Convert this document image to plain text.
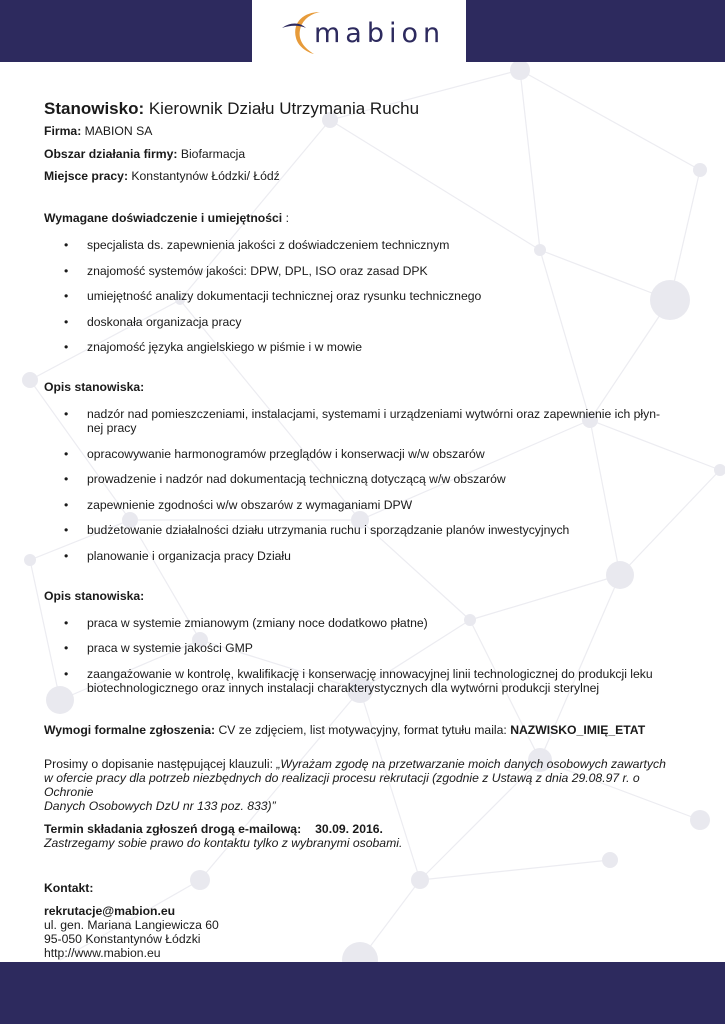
mabion
Stanowisko: Kierownik Działu Utrzymania Ruchu
Firma: MABION SA
Obszar działania firmy: Biofarmacja
Miejsce pracy: Konstantynów Łódzki/ Łódź
Wymagane doświadczenie i umiejętności :
• specjalista ds. zapewnienia jakości z doświadczeniem technicznym
• znajomość systemów jakości: DPW, DPL, ISO oraz zasad DPK
• umiejętność analizy dokumentacji technicznej oraz rysunku technicznego
• doskonała organizacja pracy
• znajomość języka angielskiego w piśmie i w mowie
Opis stanowiska:
• nadzór nad pomieszczeniami, instalacjami, systemami i urządzeniami wytwórni oraz zapewnienie ich płyn-
nej pracy
• opracowywanie harmonogramów przeglądów i konserwacji w/w obszarów
• prowadzenie i nadzór nad dokumentacją techniczną dotyczącą w/w obszarów
• zapewnienie zgodności w/w obszarów z wymaganiami DPW
• budżetowanie działalności działu utrzymania ruchu i sporządzanie planów inwestycyjnych
• planowanie i organizacja pracy Działu
Opis stanowiska:
• praca w systemie zmianowym (zmiany noce dodatkowo płatne)
• praca w systemie jakości GMP
• zaangażowanie w kontrolę, kwalifikację i konserwację innowacyjnej linii technologicznej do produkcji leku
biotechnologicznego oraz innych instalacji charakterystycznych dla wytwórni produkcji sterylnej
Wymogi formalne zgłoszenia: CV ze zdjęciem, list motywacyjny, format tytułu maila: NAZWISKO_IMIĘ_ETAT
Prosimy o dopisanie następującej klauzuli: „Wyrażam zgodę na przetwarzanie moich danych osobowych zawartych
w ofercie pracy dla potrzeb niezbędnych do realizacji procesu rekrutacji (zgodnie z Ustawą z dnia 29.08.97 r. o Ochronie
Danych Osobowych DzU nr 133 poz. 833)”
Termin składania zgłoszeń drogą e-mailową: 30.09. 2016.
Zastrzegamy sobie prawo do kontaktu tylko z wybranymi osobami.
Kontakt:
rekrutacje@mabion.eu
ul. gen. Mariana Langiewicza 60
95-050 Konstantynów Łódzki
http://www.mabion.eu
